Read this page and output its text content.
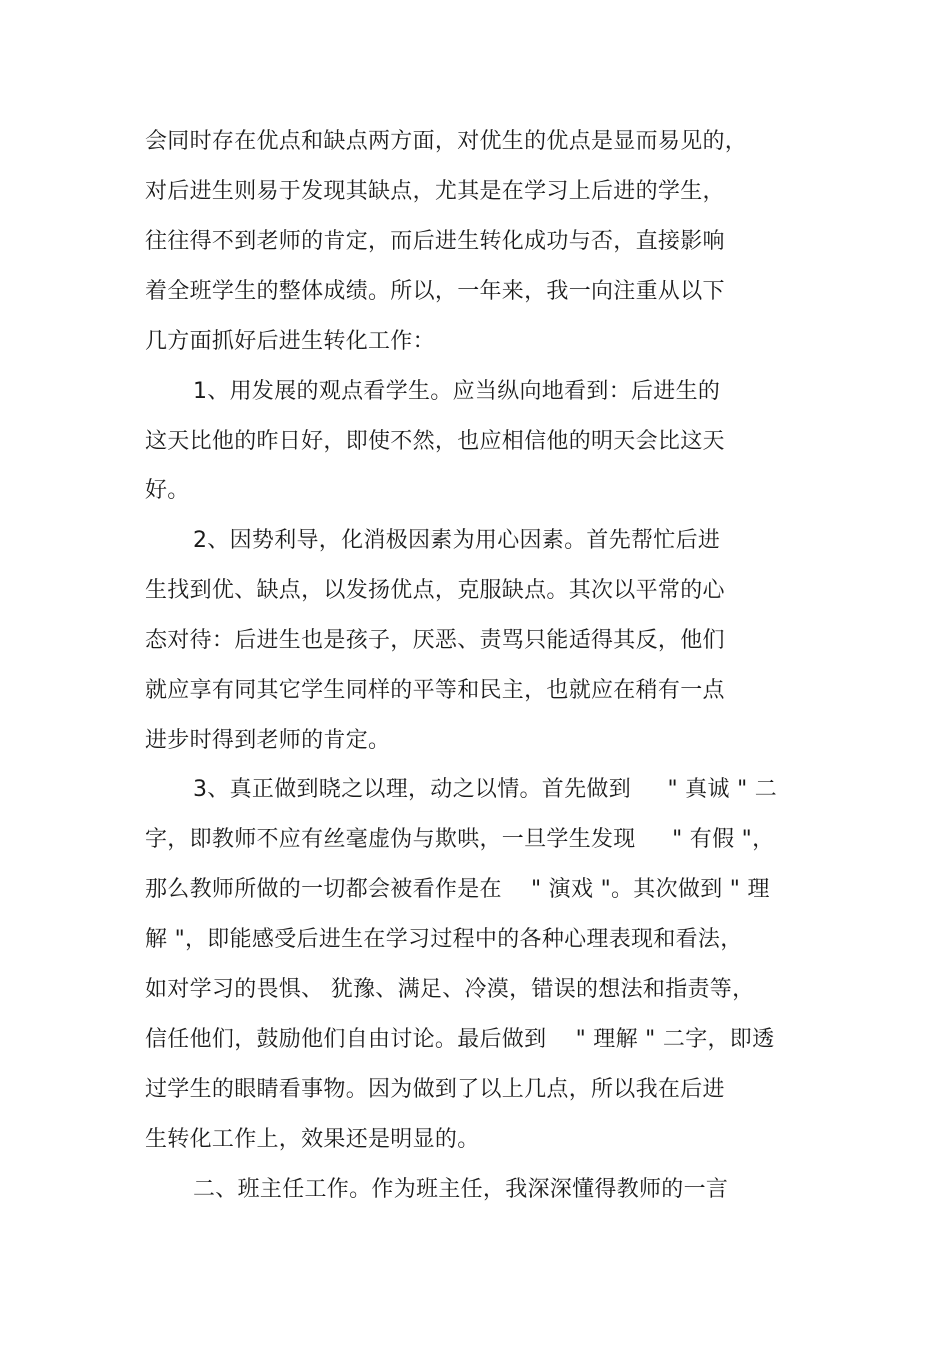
会同时存在优点和缺点两方面，对优生的优点是显而易见的，
对后进生则易于发现其缺点，尤其是在学习上后进的学生，
往往得不到老师的肯定，而后进生转化成功与否，直接影响
着全班学生的整体成绩。所以，一年来，我一向注重从以下
几方面抓好后进生转化工作：
1、用发展的观点看学生。应当纵向地看到：后进生的
这天比他的昨日好，即使不然，也应相信他的明天会比这天
好。
2、因势利导，化消极因素为用心因素。首先帮忙后进
生找到优、缺点，以发扬优点，克服缺点。其次以平常的心
态对待：后进生也是孩子，厌恶、责骂只能适得其反，他们
就应享有同其它学生同样的平等和民主，也就应在稍有一点
进步时得到老师的肯定。
3、真正做到晓之以理，动之以情。首先做到     " 真诚 " 二
字，即教师不应有丝毫虚伪与欺哄，一旦学生发现     " 有假 "，
那么教师所做的一切都会被看作是在    " 演戏 "。其次做到 " 理
解 "，即能感受后进生在学习过程中的各种心理表现和看法，
如对学习的畏惧、 犹豫、满足、冷漠，错误的想法和指责等，
信任他们，鼓励他们自由讨论。最后做到    " 理解 " 二字，即透
过学生的眼睛看事物。因为做到了以上几点，所以我在后进
生转化工作上，效果还是明显的。
二、班主任工作。作为班主任，我深深懂得教师的一言
